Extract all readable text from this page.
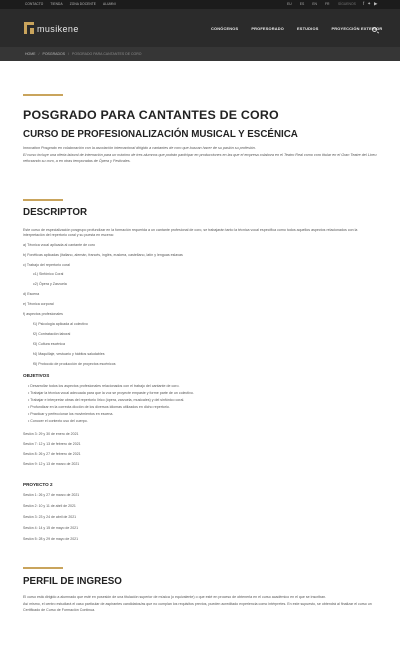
CONTACTO TIENDA ZONA DOCENTE ALUMNI	EU ES EN FR	SÍGUENOS f ✦ ▶
musikene	CONÓCENOS	PROFESORADO	ESTUDIOS	PROYECCIÓN EXTERIOR
HOME / POSGRADOS / POSGRADO PARA CANTANTES DE CORO
POSGRADO PARA CANTANTES DE CORO
CURSO DE PROFESIONALIZACIÓN MUSICAL Y ESCÉNICA

Innovation Posgrado en colaboración con la asociación internacional dirigido a cantantes de coro que buscan hacer de su pasión su profesión.

El curso incluye una oferta laboral de internación para un máximo de tres alumnos que podrán participar en producciones en las que el empresa colabora en el Teatro Real como coro titular en el Gran Teatre del Liceu reforzando su coro, a en otras temporadas de Ópera y Festivales.

DESCRIPTOR
Este curso de especialización posgrupo profundizar en la formación requerida a un cantante profesional de coro, se trabajarán tanto la técnica vocal específica como todos aquellos aspectos relacionados con la interpretación del repertorio coral y su puesta en escena:
a) Técnica vocal aplicada al cantante de coro
b) Fonéticas aplicadas (italiano, alemán, francés, inglés, euskera, castellano, latín y lenguas eslavas
c) Trabajo del repertorio coral
c1) Sinfónico Coral
c2) Ópera y Zarzuela
d) Escena
e) Técnica corporal
f) aspectos profesionales
f1) Psicología aplicada al colectivo
f2) Contratación laboral
f3) Cultura escénica
f4) Maquillaje, vestuario y hábitos saludables
f5) Protocolo de producción de proyectos escénicos
OBJETIVOS
• Desarrollar todos los aspectos profesionales relacionados con el trabajo del cantante de coro.
• Trabajar la técnica vocal adecuada para que la voz se proyecte empaste y forme parte de un colectivo.
• Trabajar e interpretar obras del repertorio lírico (ópera, zarzuela, musicales) y del sinfónico coral.
• Profundizar en la correcta dicción de los diversos idiomas utilizados en dicho repertorio.
• Practicar y perfeccionar los movimientos en escena.
• Conocer el contexto uso del cuerpo.
Sesión 3: 29 y 30 de enero de 2021
Sesión 7: 12 y 13 de febrero de 2021
Sesión 8: 26 y 27 de febrero de 2021
Sesión 9: 12 y 13 de marzo de 2021
PROYECTO 2
Sesión 1: 26 y 27 de marzo de 2021
Sesión 2: 10 y 11 de abril de 2021
Sesión 3: 23 y 24 de abril de 2021
Sesión 4: 14 y 15 de mayo de 2021
Sesión 5: 28 y 29 de mayo de 2021
PERFIL DE INGRESO

El curso está dirigido a alumnado que esté en posesión de una titulación superior de música (o equivalente) o que esté en proceso de obtenerla en el curso académico en el que se inscriban.

Así mismo, el centro estudiará el caso particular de aspirantes candidatos/as que no cumplan los requisitos previos, pueden acreditado experiencia como intérpretes. En este supuesto, se obtendrá al finalizar el curso un Certificado de Curso de Formación Continua.
